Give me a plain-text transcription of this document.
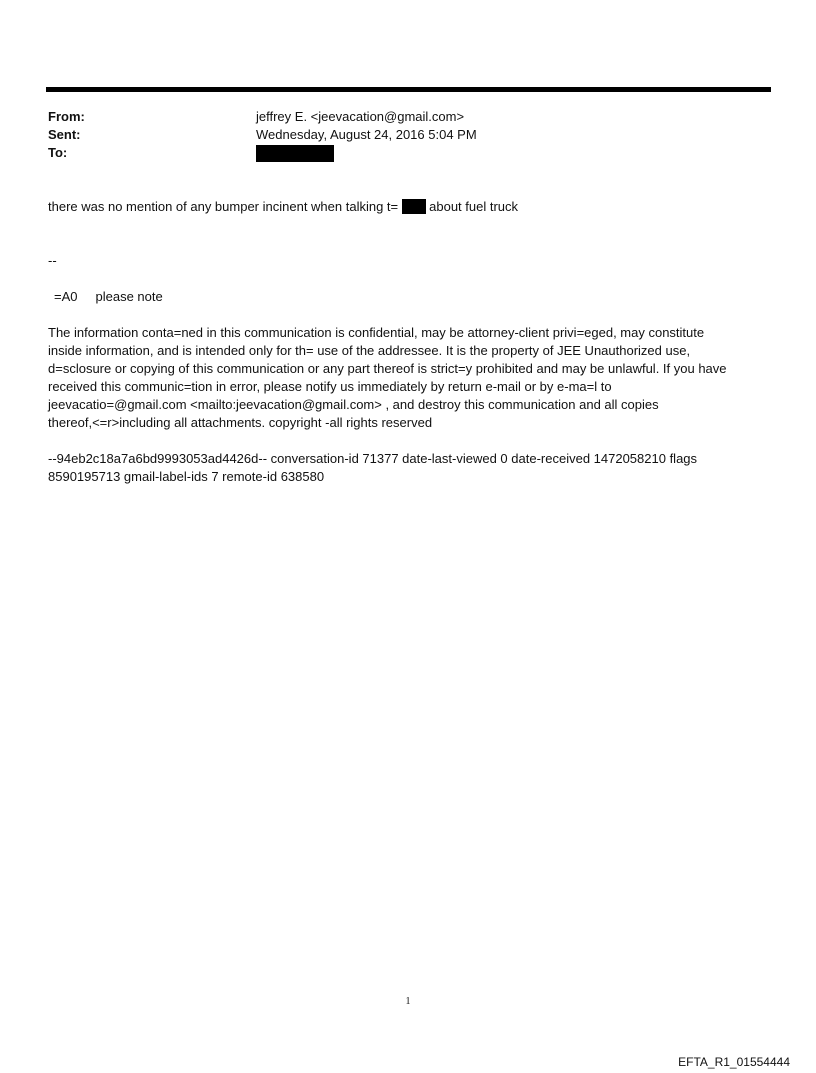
From:	jeffrey E. <jeevacation@gmail.com>
Sent:	Wednesday, August 24, 2016 5:04 PM
To:
there was no mention of any bumper incinent when talking t= about fuel truck
--
=A0 please note
The information conta=ned in this communication is confidential, may be attorney-client privi=eged, may constitute
inside information, and is intended only for th= use of the addressee. It is the property of JEE Unauthorized use,
d=sclosure or copying of this communication or any part thereof is strict=y prohibited and may be unlawful. If you have
received this communic=tion in error, please notify us immediately by return e-mail or by e-ma=l to
jeevacatio=@gmail.com <mailto:jeevacation@gmail.com> , and destroy this communication and all copies
thereof,<=r>including all attachments. copyright -all rights reserved
--94eb2c18a7a6bd9993053ad4426d-- conversation-id 71377 date-last-viewed 0 date-received 1472058210 flags
8590195713 gmail-label-ids 7 remote-id 638580
1
EFTA_R1_01554444
